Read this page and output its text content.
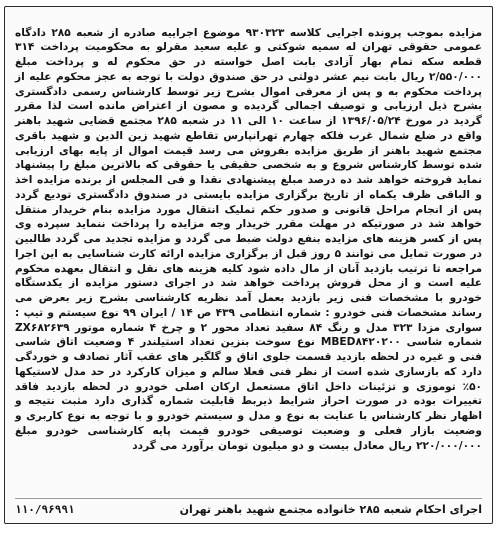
مزایده بموجب پرونده اجرایی کلاسه ۹۳۰۳۲۳ موضوع اجراییه صادره از شعبه ۲۸۵ دادگاه عمومی حقوقی تهران له سمیه شوکتی و علیه سعید مقرلو به محکومیت پرداخت ۳۱۴ قطعه سکه تمام بهار آزادی بابت اصل خواسته در حق محکوم له و پرداخت مبلغ ۲/۵۵۰/۰۰۰ ریال بابت نیم عشر دولتی در حق صندوق دولت با توجه به عجز محکوم علیه از پرداخت محکوم به و پس از معرفی اموال بشرح زیر توسط کارشناس رسمی دادگستری بشرح ذیل ارزیابی و توصیف اجمالی گردیده و مصون از اعتراض مانده است لذا مقرر گردید در مورخ ۱۳۹۶/۰۵/۲۴ از ساعت ۱۰ الی ۱۱ در شعبه ۲۸۵ مجتمع قضایی شهید باهنر واقع در ضلع شمال غرب فلکه چهارم تهرانپارس تقاطع شهید زین الدین و شهید باقری مجتمع شهید باهنر از طریق مزایده بفروش می رسد قیمت اموال از پایه بهای ارزیابی شده توسط کارشناس شروع و به شخصی حقیقی یا حقوقی که بالاترین مبلغ را پیشنهاد نماید فروخته خواهد شد ده درصد مبلغ پیشنهادی نقدا و فی المجلس از برنده مزایده اخذ و الباقی ظرف یکماه از تاریخ برگزاری مزایده بایستی در صندوق دادگستری تودیع گردد پس از انجام مراحل قانونی و صدور حکم تملیک انتقال مورد مزایده بنام خریدار منتقل خواهد شد در صورتیکه در مهلت مقرر خریدار وجه مزایده را پرداخت ننماید سپرده وی پس از کسر هزینه های مزایده بنفع دولت ضبط می گردد و مزایده تجدید می گردد طالبین در صورت تمایل می توانند ۵ روز قبل از برگزاری مزایده ارائه کارت شناسایی به این اجرا مراجعه تا ترتیب بازدید آنان از مال داده شود کلیه هزینه های نقل و انتقال بعهده محکوم علیه است و از محل فروش پرداخت خواهد شد در اجرای دستور مزایده از یکدستگاه خودرو با مشخصات فنی زیر بازدید بعمل آمد نظریه کارشناسی بشرح زیر بعرض می رساند مشخصات فنی خودرو : شماره انتظامی ۴۳۹ ص ۱۴ / ایران ۹۹ نوع سیستم و تیپ : سواری مزدا ۳۲۳ مدل و رنگ ۸۴ سفید تعداد محور ۲ و چرخ ۴ شماره موتور ZX۶۸۲۶۳۹ شماره شاسی MBED۸۴۲۰۲۰۰ نوع سوخت بنزین تعداد استیلندر ۴ وضعیت اتاق شاسی فنی و غیره در لحظه بازدید قسمت جلوی اتاق و گلگیر های عقب آثار تصادف و خوردگی دارد که بازسازی شده است از نظر فنی فعلا سالم و میزان کارکرد در حد مدل لاستیکها ۵۰٪ توموزی و تزئینات داخل اتاق مستعمل ارکان اصلی خودرو در لحظه بازدید فاقد تغییرات بوده در صورت احراز شرایط ذیربط قابلیت شماره گذاری دارد مثبت نتیجه و اظهار نظر کارشناس با عنایت به نوع و مدل و سیستم خودرو و با توجه به نوع کاربری و وضعیت بازار فعلی و وضعیت توصیفی خودرو قیمت پایه کارشناسی خودرو مبلغ ۲۲۰/۰۰۰/۰۰۰ ریال معادل بیست و دو میلیون تومان برآورد می گردد

اجرای احکام شعبه ۲۸۵ خانواده مجتمع شهید باهنر تهران
۱۱۰/۹۶۹۹۱
